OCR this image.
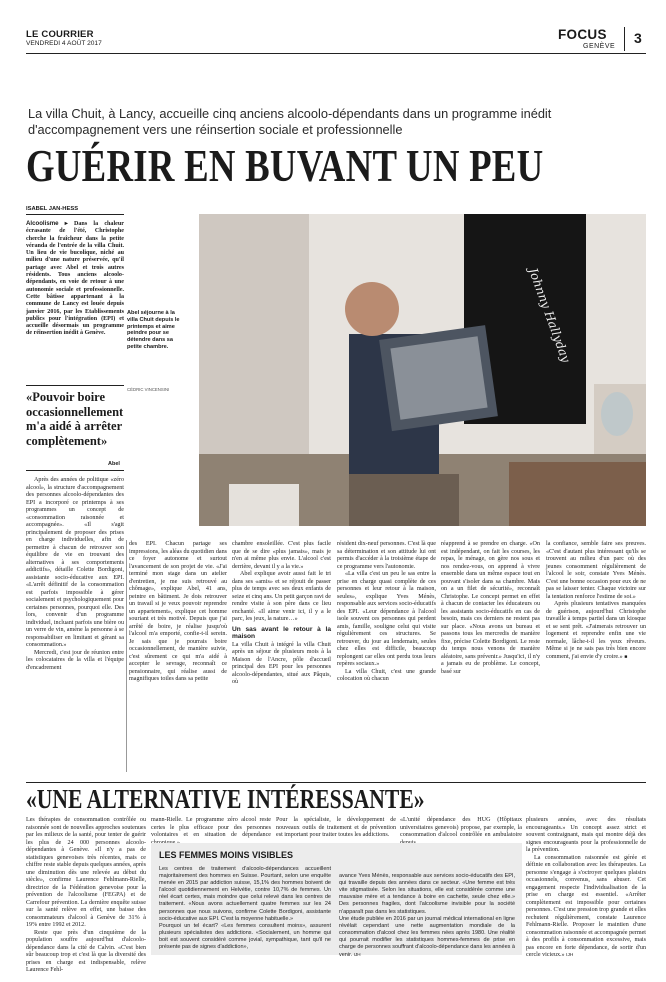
LE COURRIER
VENDREDI 4 AOÛT 2017
FOCUS
GENÈVE
3
La villa Chuit, à Lancy, accueille cinq anciens alcoolo-dépendants dans un programme inédit d'accompagnement vers une réinsertion sociale et professionnelle
GUÉRIR EN BUVANT UN PEU
ISABEL JAN-HESS
Johnny Hallyday
Abel séjourne à la villa Chuit depuis le printemps et aime peindre pour se détendre dans sa petite chambre.
CÉDRIC VINCENSINI
Alcoolisme ▸ Dans la chaleur écrasante de l'été, Christophe cherche la fraîcheur dans la petite véranda de l'entrée de la villa Chuit. Un lieu de vie bucolique, niché au milieu d'une nature préservée, qu'il partage avec Abel et trois autres résidents. Tous anciens alcoolo-dépendants, en voie de retour à une autonomie sociale et professionnelle. Cette bâtisse appartenant à la commune de Lancy est louée depuis janvier 2016, par les Etablissements publics pour l'intégration (EPI) et accueille désormais un programme de réinsertion inédit à Genève.
«Pouvoir boire occasionnellement m'a aidé à arrêter complètement»
Abel

Après des années de politique «zéro alcool», la structure d'accompagnement des personnes alcoolo-dépendantes des EPI a incorporé ce printemps à ses programmes un concept de «consommation raisonnée et accompagnée». «Il s'agit principalement de proposer des prises en charge individuelles, afin de permettre à chacun de retrouver son équilibre de vie en trouvant des alternatives à ses comportements addictifs», détaille Colette Bordigoni, assistante socio-éducative aux EPI. «L'arrêt définitif de la consommation est parfois impossible à gérer socialement et psychologiquement pour certaines personnes, pourquoi elle. Des lors, convenir d'un programme individuel, incluant parfois une bière ou un verre de vin, amène la personne à se responsabiliser en limitant et gérant sa consommation.»

Mercredi, c'est jour de réunion entre les colocataires de la villa et l'équipe d'encadrement

des EPI. Chacun partage ses impressions, les aléas du quotidien dans ce foyer autonome et surtout l'avancement de son projet de vie. «J'ai terminé mon stage dans un atelier d'entretien, je me suis retrouvé au chômage», explique Abel, 41 ans, peintre en bâtiment. Je dois retrouver un travail si je veux pouvoir reprendre un appartement», explique cet homme souriant et très motivé. Depuis que j'ai arrêté de boire, je réalise jusqu'où l'alcool m'a emporté, confie-t-il serein. Je sais que je pourrais boire occasionnellement, de manière suivie, c'est sûrement ce qui m'a aidé à accepter le sevrage, reconnaît ce pensionnaire, qui réalise aussi de magnifiques toiles dans sa petite

chambre ensoleillée. C'est plus facile que de se dire «plus jamais», mais je n'en ai même plus envie. L'alcool c'est derrière, devant il y a la vie.»

Abel explique avoir aussi fait le tri dans ses «amis» et se réjouit de passer plus de temps avec ses deux enfants de seize et cinq ans. Un petit garçon ravi de rendre visite à son père dans ce lieu enchanté. «Il aime venir ici, il y a le parc, les jeux, la nature…»

Un sas avant le retour à la maison

La villa Chuit à intégré la villa Chuit après un séjour de plusieurs mois à la Maison de l'Ancre, pôle d'accueil principal des EPI pour les personnes alcoolo-dépendantes, situé aux Pâquis, où

résident dix-neuf personnes. C'est là que sa détermination et son attitude lui ont permis d'accéder à la troisième étape de ce programme vers l'autonomie.

«La villa c'est un peu le sas entre la prise en charge quasi complète de ces personnes et leur retour à la maison, seules», explique Yves Ménès, responsable aux services socio-éducatifs des EPI. «Leur dépendance à l'alcool isole souvent ces personnes qui perdent amis, famille, souligne celui qui visite régulièrement ces structures. Se retrouver, du jour au lendemain, seules chez elles est difficile, beaucoup replongent car elles ont perdu tous leurs repères sociaux.»

La villa Chuit, c'est une grande colocation où chacun

réapprend à se prendre en charge. «On est indépendant, on fait les courses, les repas, le ménage, on gère nos sous et nos rendez-vous, on apprend à vivre ensemble dans un même espace tout en pouvant s'isoler dans sa chambre. Mais on a un filet de sécurité», reconnaît Christophe. Le concept permet en effet à chacun de contacter les éducateurs ou les assistants socio-éducatifs en cas de besoin, mais ces derniers ne restent pas sur place. «Nous avons un bureau et passons tous les mercredis de manière fixe, précise Colette Bordigoni. Le reste du temps nous venons de manière aléatoire, sans prévenir.» Jusqu'ici, il n'y a jamais eu de problème. Le concept, basé sur

la confiance, semble faire ses preuves. «C'est d'autant plus intéressant qu'ils se trouvent au milieu d'un parc où des jeunes consomment régulièrement de l'alcool le soir, constate Yves Ménès. C'est une bonne occasion pour eux de ne pas se laisser tenter. Chaque victoire sur la tentation renforce l'estime de soi.»

Après plusieurs tentatives manquées de guérison, aujourd'hui Christophe travaille à temps partiel dans un kiosque et se sent prêt. «J'aimerais retrouver un logement et reprendre enfin une vie normale, lâche-t-il les yeux rêveurs. Même si je ne sais pas très bien encore comment, j'ai envie d'y croire.» ■

«UNE ALTERNATIVE INTÉRESSANTE»

Les thérapies de consommation contrôlée ou raisonnée sont de nouvelles approches soutenues par les milieux de la santé, pour tenter de guérir les plus de 24 000 personnes alcoolo-dépendantes à Genève. «Il n'y a pas de statistiques genevoises très récentes, mais ce chiffre reste stable depuis quelques années, après une diminution dès une relevée au début du siècle», confirme Laurence Fehlmann-Rielle, directrice de la Fédération genevoise pour la prévention de l'alcoolisme (FEGPA) et de Carrefour prévention. La dernière enquête suisse sur la santé relève en effet, une baisse des consommateurs d'alcool à Genève de 31% à 19% entre 1992 et 2012.

Reste que près d'un cinquième de la population souffre aujourd'hui d'alcoolo-dépendance dans la cité de Calvin. «C'est bien sûr beaucoup trop et c'est là que la diversité des prises en charge est indispensable, relève Laurence Fehl-

mann-Rielle. Le programme zéro alcool reste certes le plus efficace pour des personnes volontaires et en situation de dépendance

Pour la spécialiste, le développement de nouveaux outils de traitement et de prévention est important pour traiter toutes les addictions.

«L'unité dépendance des HUG (Hôpitaux universitaires genevois) propose, par exemple, la consommation d'alcool contrôlée en ambulatoire

plusieurs années, avec des résultats encourageants.» Un concept assez strict et souvent contraignant, mais qui montre déjà des signes encourageants pour la professionnelle de la prévention.

La consommation raisonnée est gérée et définie en collaboration avec les thérapeutes. La personne s'engage à s'octroyer quelques plaisirs occasionnels, convenus, sans abuser. Cet engagement respecte l'individualisation de la prise en charge est essentiel. «Arrêter complètement est impossible pour certaines personnes. C'est une pression trop grande et elles rechutent régulièrement, constate Laurence Fehlmann-Rielle. Proposer le maintien d'une consommation raisonnée et accompagnée permet à des profils à consommation excessive, mais pas encore en forte dépendance, de sortir d'un cercle vicieux.» IJH

LES FEMMES MOINS VISIBLES
Les centres de traitement d'alcoolo-dépendances accueillent majoritairement des hommes en Suisse. Pourtant, selon une enquête menée en 2015 par addiction suisse, 15,1% des hommes boivent de l'alcool quotidiennement en Helvétie, contre 10,7% de femmes. Un réel écart certes, mais moindre que celui relevé dans les centres de traitement. «Nous avons actuellement quatre femmes sur les 24 personnes que nous suivons, confirme Colette Bordigoni, assistante socio-éducative aux EPI. C'est la moyenne habituelle.»
Pourquoi un tel écart? «Les femmes consultent moins», assurent plusieurs spécialistes des addictions. «Socialement, un homme qui boit est souvent considéré comme jovial, sympathique, tant qu'il ne présente pas de signes d'addiction»,

avance Yves Ménès, responsable aux services socio-éducatifs des EPI, qui travaille depuis des années dans ce secteur. «Une femme est très vite stigmatisée. Selon les situations, elle est considérée comme une mauvaise mère et a tendance à boire en cachette, seule chez elle.» Des personnes fragiles, dont l'alcoolisme invisible pour la société n'apparaît pas dans les statistiques.
Une étude publiée en 2016 par un journal médical international en ligne révélait cependant une nette augmentation mondiale de la consommation d'alcool chez les femmes nées après 1980. Une réalité qui pourrait modifier les statistiques hommes-femmes de prise en charge de personnes souffrant d'alcoolo-dépendance dans les années à venir. IJH
